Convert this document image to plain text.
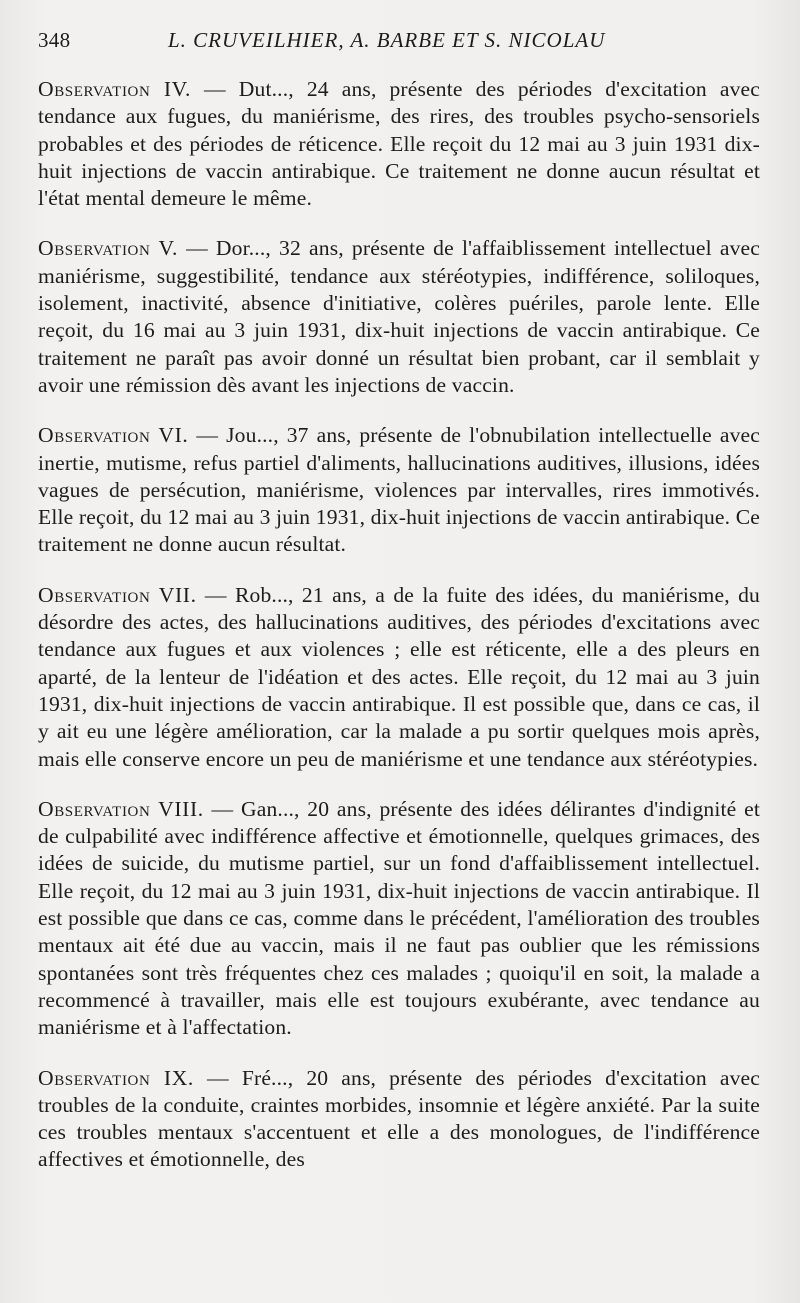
348	L. CRUVEILHIER, A. BARBE ET S. NICOLAU

Observation IV. — Dut..., 24 ans, présente des périodes d'excitation avec tendance aux fugues, du maniérisme, des rires, des troubles psycho-sensoriels probables et des périodes de réticence. Elle reçoit du 12 mai au 3 juin 1931 dix-huit injections de vaccin antirabique. Ce traitement ne donne aucun résultat et l'état mental demeure le même.

Observation V. — Dor..., 32 ans, présente de l'affaiblissement intellectuel avec maniérisme, suggestibilité, tendance aux stéréotypies, indifférence, soliloques, isolement, inactivité, absence d'initiative, colères puériles, parole lente. Elle reçoit, du 16 mai au 3 juin 1931, dix-huit injections de vaccin antirabique. Ce traitement ne paraît pas avoir donné un résultat bien probant, car il semblait y avoir une rémission dès avant les injections de vaccin.

Observation VI. — Jou..., 37 ans, présente de l'obnubilation intellectuelle avec inertie, mutisme, refus partiel d'aliments, hallucinations auditives, illusions, idées vagues de persécution, maniérisme, violences par intervalles, rires immotivés. Elle reçoit, du 12 mai au 3 juin 1931, dix-huit injections de vaccin antirabique. Ce traitement ne donne aucun résultat.

Observation VII. — Rob..., 21 ans, a de la fuite des idées, du maniérisme, du désordre des actes, des hallucinations auditives, des périodes d'excitations avec tendance aux fugues et aux violences ; elle est réticente, elle a des pleurs en aparté, de la lenteur de l'idéation et des actes. Elle reçoit, du 12 mai au 3 juin 1931, dix-huit injections de vaccin antirabique. Il est possible que, dans ce cas, il y ait eu une légère amélioration, car la malade a pu sortir quelques mois après, mais elle conserve encore un peu de maniérisme et une tendance aux stéréotypies.

Observation VIII. — Gan..., 20 ans, présente des idées délirantes d'indignité et de culpabilité avec indifférence affective et émotionnelle, quelques grimaces, des idées de suicide, du mutisme partiel, sur un fond d'affaiblissement intellectuel. Elle reçoit, du 12 mai au 3 juin 1931, dix-huit injections de vaccin antirabique. Il est possible que dans ce cas, comme dans le précédent, l'amélioration des troubles mentaux ait été due au vaccin, mais il ne faut pas oublier que les rémissions spontanées sont très fréquentes chez ces malades ; quoiqu'il en soit, la malade a recommencé à travailler, mais elle est toujours exubérante, avec tendance au maniérisme et à l'affectation.

Observation IX. — Fré..., 20 ans, présente des périodes d'excitation avec troubles de la conduite, craintes morbides, insomnie et légère anxiété. Par la suite ces troubles mentaux s'accentuent et elle a des monologues, de l'indifférence affectives et émotionnelle, des
